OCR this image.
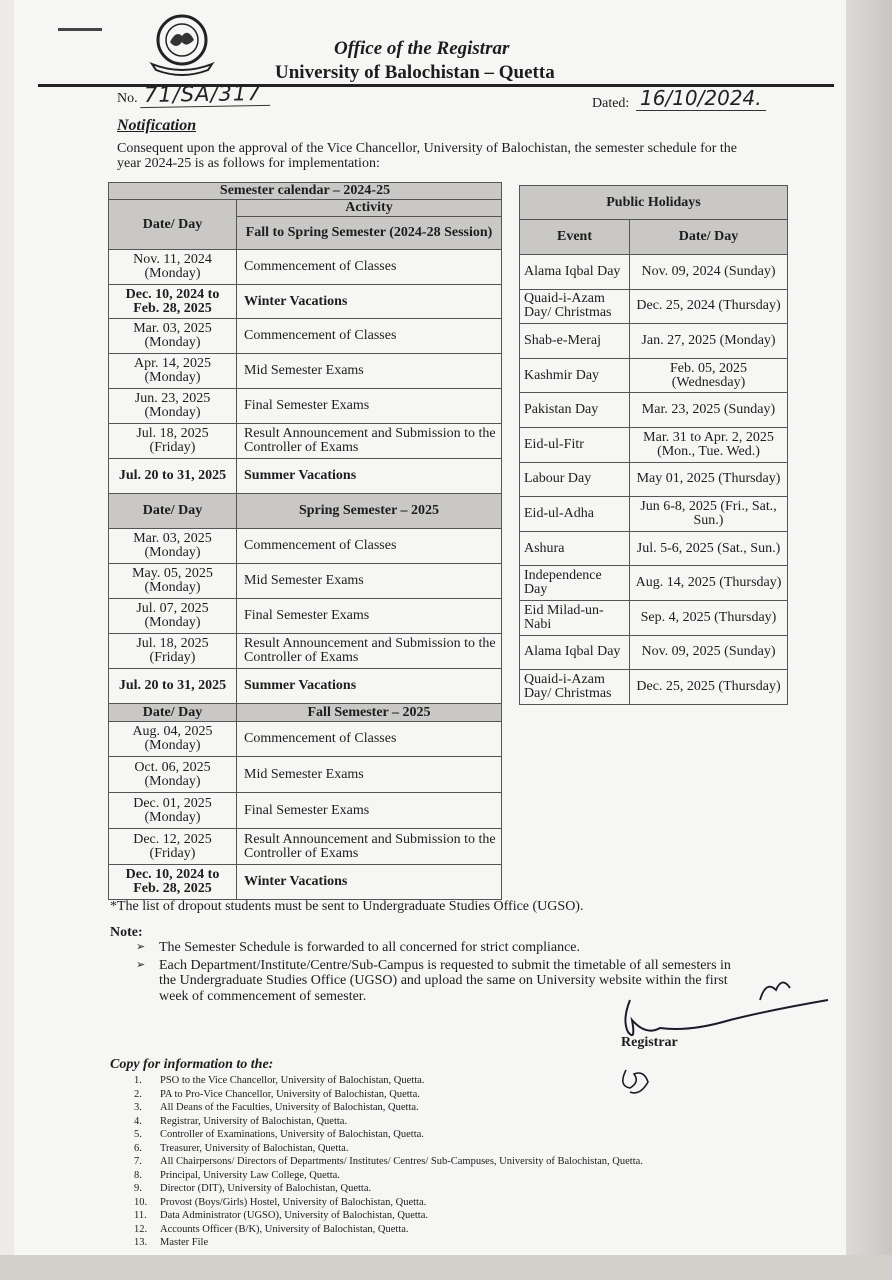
Office of the Registrar
University of Balochistan – Quetta
No. 71/SA/317	Dated: 16/10/2024.
Notification
Consequent upon the approval of the Vice Chancellor, University of Balochistan, the semester schedule for the year 2024-25 is as follows for implementation:
Semester calendar – 2024-25	
Date/ Day	Activity
	Fall to Spring Semester (2024-28 Session)
Nov. 11, 2024 (Monday)	Commencement of Classes
Dec. 10, 2024 to Feb. 28, 2025	Winter Vacations
Mar. 03, 2025 (Monday)	Commencement of Classes
Apr. 14, 2025 (Monday)	Mid Semester Exams
Jun. 23, 2025 (Monday)	Final Semester Exams
Jul. 18, 2025 (Friday)	Result Announcement and Submission to the Controller of Exams
Jul. 20 to 31, 2025	Summer Vacations
Date/ Day	Spring Semester – 2025
Mar. 03, 2025 (Monday)	Commencement of Classes
May. 05, 2025 (Monday)	Mid Semester Exams
Jul. 07, 2025 (Monday)	Final Semester Exams
Jul. 18, 2025 (Friday)	Result Announcement and Submission to the Controller of Exams
Jul. 20 to 31, 2025	Summer Vacations
Date/ Day	Fall Semester – 2025
Aug. 04, 2025 (Monday)	Commencement of Classes
Oct. 06, 2025 (Monday)	Mid Semester Exams
Dec. 01, 2025 (Monday)	Final Semester Exams
Dec. 12, 2025 (Friday)	Result Announcement and Submission to the Controller of Exams
Dec. 10, 2024 to Feb. 28, 2025	Winter Vacations
Public Holidays	
Event	Date/ Day
Alama Iqbal Day	Nov. 09, 2024 (Sunday)
Quaid-i-Azam Day/ Christmas	Dec. 25, 2024 (Thursday)
Shab-e-Meraj	Jan. 27, 2025 (Monday)
Kashmir Day	Feb. 05, 2025 (Wednesday)
Pakistan Day	Mar. 23, 2025 (Sunday)
Eid-ul-Fitr	Mar. 31 to Apr. 2, 2025 (Mon., Tue. Wed.)
Labour Day	May 01, 2025 (Thursday)
Eid-ul-Adha	Jun 6-8, 2025 (Fri., Sat., Sun.)
Ashura	Jul. 5-6, 2025 (Sat., Sun.)
Independence Day	Aug. 14, 2025 (Thursday)
Eid Milad-un-Nabi	Sep. 4, 2025 (Thursday)
Alama Iqbal Day	Nov. 09, 2025 (Sunday)
Quaid-i-Azam Day/ Christmas	Dec. 25, 2025 (Thursday)
*The list of dropout students must be sent to Undergraduate Studies Office (UGSO).
Note:
➢ The Semester Schedule is forwarded to all concerned for strict compliance.
➢ Each Department/Institute/Centre/Sub-Campus is requested to submit the timetable of all semesters in the Undergraduate Studies Office (UGSO) and upload the same on University website within the first week of commencement of semester.
Registrar
Copy for information to the:
1. PSO to the Vice Chancellor, University of Balochistan, Quetta.
2. PA to Pro-Vice Chancellor, University of Balochistan, Quetta.
3. All Deans of the Faculties, University of Balochistan, Quetta.
4. Registrar, University of Balochistan, Quetta.
5. Controller of Examinations, University of Balochistan, Quetta.
6. Treasurer, University of Balochistan, Quetta.
7. All Chairpersons/ Directors of Departments/ Institutes/ Centres/ Sub-Campuses, University of Balochistan, Quetta.
8. Principal, University Law College, Quetta.
9. Director (DIT), University of Balochistan, Quetta.
10. Provost (Boys/Girls) Hostel, University of Balochistan, Quetta.
11. Data Administrator (UGSO), University of Balochistan, Quetta.
12. Accounts Officer (B/K), University of Balochistan, Quetta.
13. Master File
